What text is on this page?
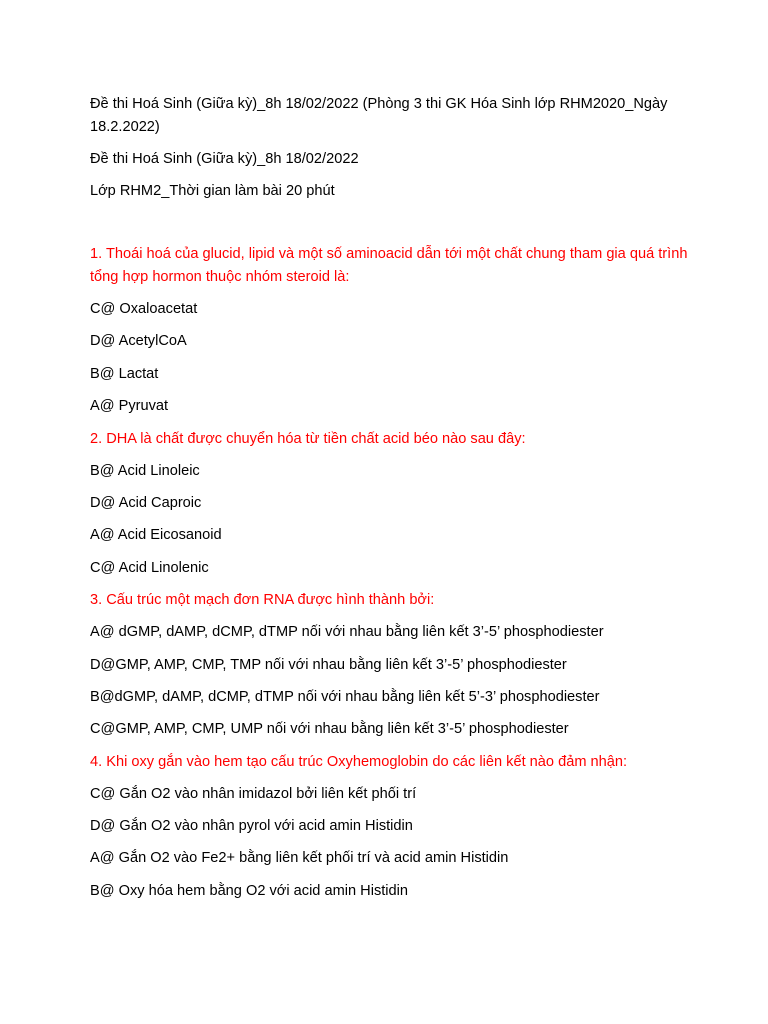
Đề thi Hoá Sinh (Giữa kỳ)_8h 18/02/2022 (Phòng 3 thi GK Hóa Sinh lớp RHM2020_Ngày 18.2.2022)
Đề thi Hoá Sinh (Giữa kỳ)_8h 18/02/2022
Lớp RHM2_Thời gian làm bài 20 phút
1. Thoái hoá của glucid, lipid và một số aminoacid dẫn tới một chất chung tham gia quá trình tổng hợp hormon thuộc nhóm steroid là:
C@ Oxaloacetat
D@ AcetylCoA
B@ Lactat
A@ Pyruvat
2. DHA là chất được chuyển hóa từ tiền chất acid béo nào sau đây:
B@ Acid Linoleic
D@ Acid Caproic
A@ Acid Eicosanoid
C@ Acid Linolenic
3. Cấu trúc một mạch đơn RNA được hình thành bởi:
A@ dGMP, dAMP, dCMP, dTMP nối với nhau bằng liên kết 3’-5’ phosphodiester
D@GMP, AMP, CMP, TMP nối với nhau bằng liên kết 3’-5’ phosphodiester
B@dGMP, dAMP, dCMP, dTMP nối với nhau bằng liên kết 5’-3’ phosphodiester
C@GMP, AMP, CMP, UMP nối với nhau bằng liên kết 3’-5’ phosphodiester
4. Khi oxy gắn vào hem tạo cấu trúc Oxyhemoglobin do các liên kết nào đảm nhận:
C@ Gắn O2 vào nhân imidazol bởi liên kết phối trí
D@ Gắn O2 vào nhân pyrol với acid amin Histidin
A@ Gắn O2 vào Fe2+ bằng liên kết phối trí và acid amin Histidin
B@ Oxy hóa hem bằng O2 với acid amin Histidin
